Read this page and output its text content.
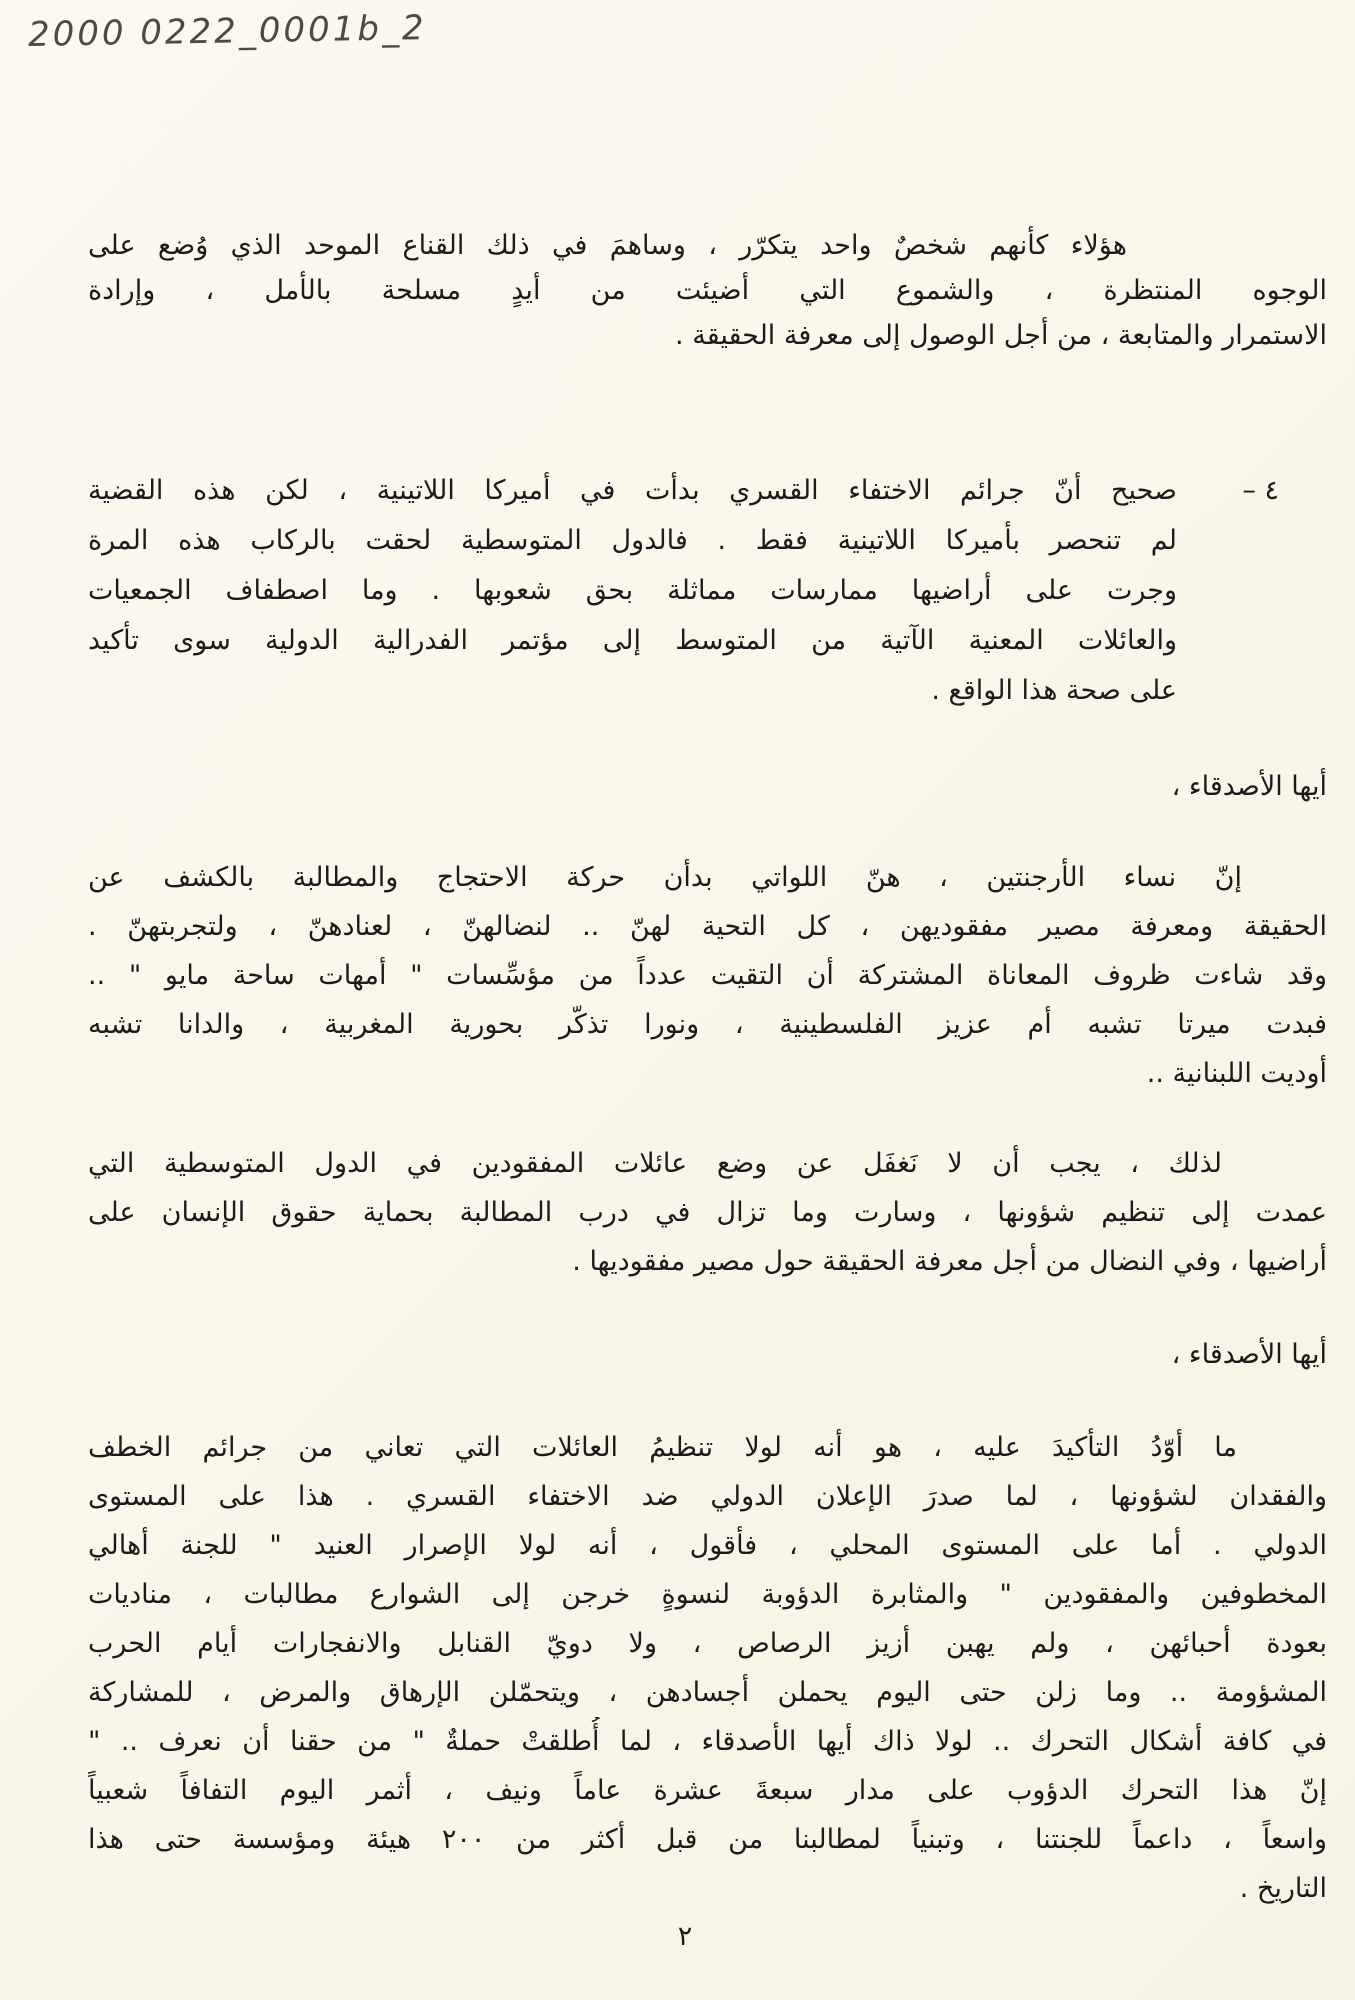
2000 0222_0001b_2
هؤلاء كأنهم شخصٌ واحد يتكرّر ، وساهمَ في ذلك القناع الموحد الذي وُضع على
الوجوه المنتظرة ، والشموع التي أضيئت من أيدٍ مسلحة بالأمل ، وإرادة
الاستمرار والمتابعة ، من أجل الوصول إلى معرفة الحقيقة .
٤ –
صحيح أنّ جرائم الاختفاء القسري بدأت في أميركا اللاتينية ، لكن هذه القضية
لم تنحصر بأميركا اللاتينية فقط . فالدول المتوسطية لحقت بالركاب هذه المرة
وجرت على أراضيها ممارسات مماثلة بحق شعوبها . وما اصطفاف الجمعيات
والعائلات المعنية الآتية من المتوسط إلى مؤتمر الفدرالية الدولية سوى تأكيد
على صحة هذا الواقع .
أيها الأصدقاء ،
إنّ نساء الأرجنتين ، هنّ اللواتي بدأن حركة الاحتجاج والمطالبة بالكشف عن
الحقيقة ومعرفة مصير مفقوديهن ، كل التحية لهنّ .. لنضالهنّ ، لعنادهنّ ، ولتجربتهنّ .
وقد شاءت ظروف المعاناة المشتركة أن التقيت عدداً من مؤسِّسات " أمهات ساحة مايو " ..
فبدت ميرتا تشبه أم عزيز الفلسطينية ، ونورا تذكّر بحورية المغربية ، والدانا تشبه
أوديت اللبنانية ..
لذلك ، يجب أن لا نَغفَل عن وضع عائلات المفقودين في الدول المتوسطية التي
عمدت إلى تنظيم شؤونها ، وسارت وما تزال في درب المطالبة بحماية حقوق الإنسان على
أراضيها ، وفي النضال من أجل معرفة الحقيقة حول مصير مفقوديها .
أيها الأصدقاء ،
ما أوّدُ التأكيدَ عليه ، هو أنه لولا تنظيمُ العائلات التي تعاني من جرائم الخطف
والفقدان لشؤونها ، لما صدرَ الإعلان الدولي ضد الاختفاء القسري . هذا على المستوى
الدولي . أما على المستوى المحلي ، فأقول ، أنه لولا الإصرار العنيد " للجنة أهالي
المخطوفين والمفقودين " والمثابرة الدؤوبة لنسوةٍ خرجن إلى الشوارع مطالبات ، مناديات
بعودة أحبائهن ، ولم يهبن أزيز الرصاص ، ولا دويّ القنابل والانفجارات أيام الحرب
المشؤومة .. وما زلن حتى اليوم يحملن أجسادهن ، ويتحمّلن الإرهاق والمرض ، للمشاركة
في كافة أشكال التحرك .. لولا ذاك أيها الأصدقاء ، لما أُطلقتْ حملةٌ " من حقنا أن نعرف .. "
إنّ هذا التحرك الدؤوب على مدار سبعةَ عشرة عاماً ونيف ، أثمر اليوم التفافاً شعبياً
واسعاً ، داعماً للجنتنا ، وتبنياً لمطالبنا من قبل أكثر من ٢٠٠ هيئة ومؤسسة حتى هذا
التاريخ .
٢
